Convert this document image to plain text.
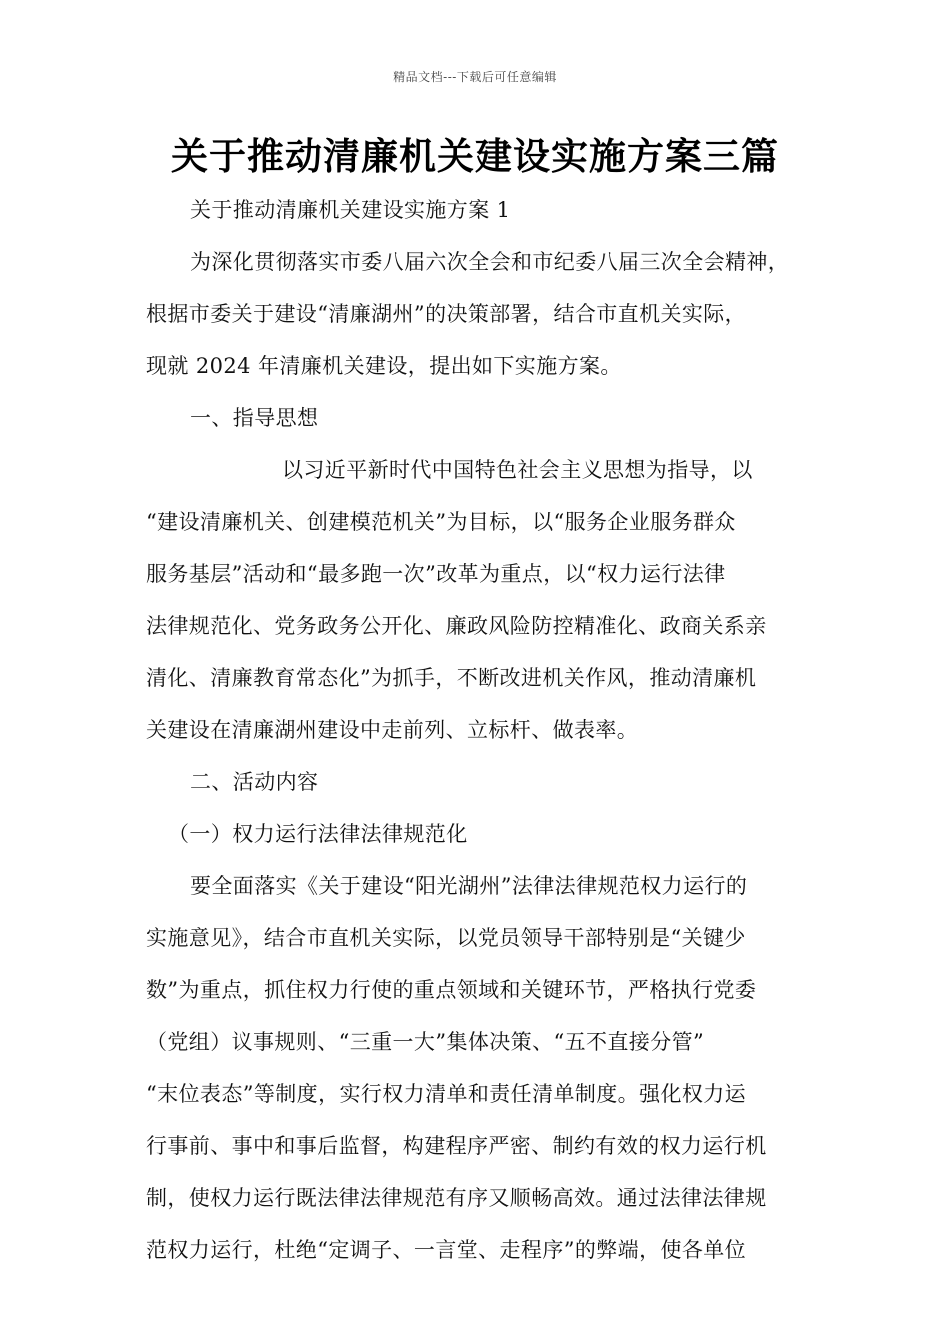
精品文档---下载后可任意编辑
关于推动清廉机关建设实施方案三篇
关于推动清廉机关建设实施方案 1
为深化贯彻落实市委八届六次全会和市纪委八届三次全会精神，
根据市委关于建设“清廉湖州”的决策部署，结合市直机关实际，
现就 2024 年清廉机关建设，提出如下实施方案。
一、指导思想
以习近平新时代中国特色社会主义思想为指导，以
“建设清廉机关、创建模范机关”为目标，以“服务企业服务群众
服务基层”活动和“最多跑一次”改革为重点，以“权力运行法律
法律规范化、党务政务公开化、廉政风险防控精准化、政商关系亲
清化、清廉教育常态化”为抓手，不断改进机关作风，推动清廉机
关建设在清廉湖州建设中走前列、立标杆、做表率。
二、活动内容
（一）权力运行法律法律规范化
要全面落实《关于建设“阳光湖州”法律法律规范权力运行的
实施意见》，结合市直机关实际，以党员领导干部特别是“关键少
数”为重点，抓住权力行使的重点领域和关键环节，严格执行党委
（党组）议事规则、“三重一大”集体决策、“五不直接分管”
“末位表态”等制度，实行权力清单和责任清单制度。强化权力运
行事前、事中和事后监督，构建程序严密、制约有效的权力运行机
制，使权力运行既法律法律规范有序又顺畅高效。通过法律法律规
范权力运行，杜绝“定调子、一言堂、走程序”的弊端，使各单位
